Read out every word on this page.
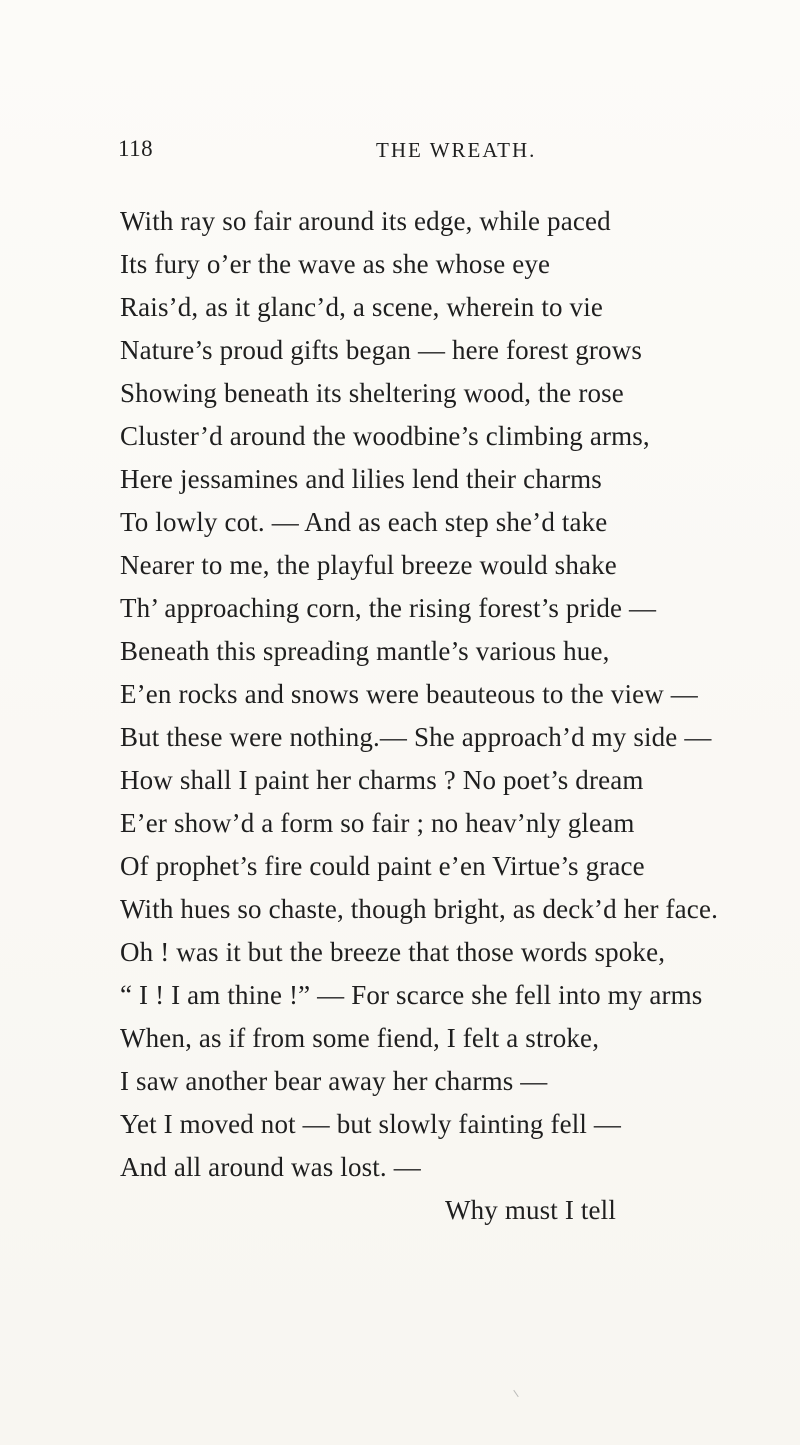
118	THE WREATH.
With ray so fair around its edge, while paced
Its fury o’er the wave as she whose eye
Rais’d, as it glanc’d, a scene, wherein to vie
Nature’s proud gifts began — here forest grows
Showing beneath its sheltering wood, the rose
Cluster’d around the woodbine’s climbing arms,
Here jessamines and lilies lend their charms
To lowly cot. — And as each step she’d take
Nearer to me, the playful breeze would shake
Th’ approaching corn, the rising forest’s pride —
Beneath this spreading mantle’s various hue,
E’en rocks and snows were beauteous to the view —
But these were nothing.— She approach’d my side —
How shall I paint her charms ? No poet’s dream
E’er show’d a form so fair ; no heav’nly gleam
Of prophet’s fire could paint e’en Virtue’s grace
With hues so chaste, though bright, as deck’d her face.
Oh ! was it but the breeze that those words spoke,
“ I ! I am thine !” — For scarce she fell into my arms
When, as if from some fiend, I felt a stroke,
I saw another bear away her charms —
Yet I moved not — but slowly fainting fell —
And all around was lost. —
Why must I tell
